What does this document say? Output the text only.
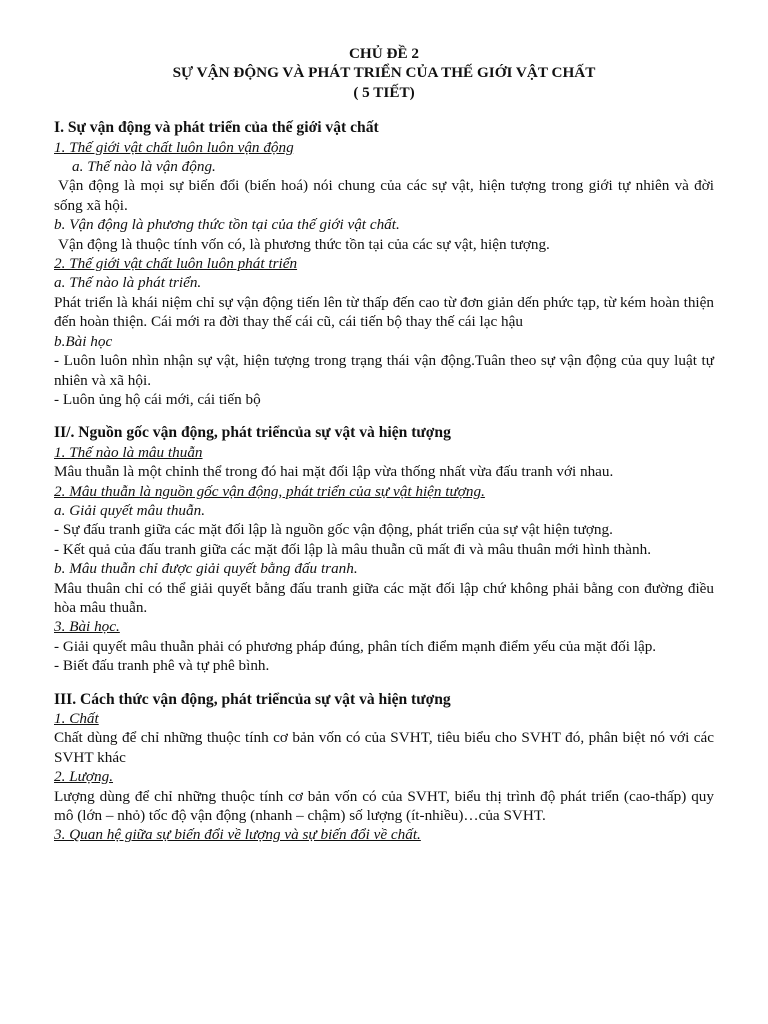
CHỦ ĐỀ 2
SỰ VẬN ĐỘNG VÀ PHÁT TRIỂN CỦA THẾ GIỚI VẬT CHẤT
( 5 TIẾT)
I. Sự vận động và phát triển của thế giới vật chất
1. Thế giới vật chất luôn luôn vận động
a. Thế nào là vận động.
Vận động là mọi sự biến đổi (biến hoá) nói chung của các sự vật, hiện tượng trong giới tự nhiên và đời sống xã hội.
b. Vận động là phương thức tồn tại của thế giới vật chất.
Vận động là thuộc tính vốn có, là phương thức tồn tại của các sự vật, hiện tượng.
2. Thế giới vật chất luôn luôn phát triển
a. Thế nào là phát triển.
Phát triển là khái niệm chỉ sự vận động tiến lên từ thấp đến cao từ đơn giản dến phức tạp, từ kém hoàn thiện đến hoàn thiện. Cái mới ra đời thay thế cái cũ, cái tiến bộ thay thế cái lạc hậu
b.Bài học
- Luôn luôn nhìn nhận sự vật, hiện tượng trong trạng thái vận động.Tuân theo sự vận động của quy luật tự nhiên và xã hội.
- Luôn ủng hộ cái mới, cái tiến bộ
II/. Nguồn gốc vận động, phát triểncủa sự vật và hiện tượng
1. Thế nào là mâu thuẫn
Mâu thuẫn là một chỉnh thể trong đó hai mặt đối lập vừa thống nhất vừa đấu tranh với nhau.
2. Mâu thuẫn là nguồn gốc vận động, phát triển của sự vật hiện tượng.
a. Giải quyết mâu thuẫn.
- Sự đấu tranh giữa các mặt đối lập là nguồn gốc vận động, phát triển của sự vật hiện tượng.
- Kết quả của đấu tranh giữa các mặt đối lập là mâu thuẫn cũ mất đi và mâu thuân mới hình thành.
b. Mâu thuẫn chỉ được giải quyết bằng đấu tranh.
Mâu thuân chỉ có thể giải quyết bằng đấu tranh giữa các mặt đối lập chứ không phải bằng con đường điều hòa mâu thuẫn.
3. Bài học.
- Giải quyết mâu thuẫn phải có phương pháp đúng, phân tích điểm mạnh điểm yếu của mặt đối lập.
- Biết đấu tranh phê và tự phê bình.
III. Cách thức vận động, phát triểncủa sự vật và hiện tượng
1. Chất
Chất dùng để chỉ những thuộc tính cơ bản vốn có của SVHT, tiêu biểu cho SVHT đó, phân biệt nó với các SVHT khác
2. Lượng.
Lượng dùng để chỉ những thuộc tính cơ bản vốn có của SVHT, biểu thị trình độ phát triển (cao-thấp) quy mô (lớn – nhỏ) tốc độ vận động (nhanh – chậm) số lượng (ít-nhiều)…của SVHT.
3. Quan hệ giữa sự biến đổi về lượng và sự biến đổi về chất.
